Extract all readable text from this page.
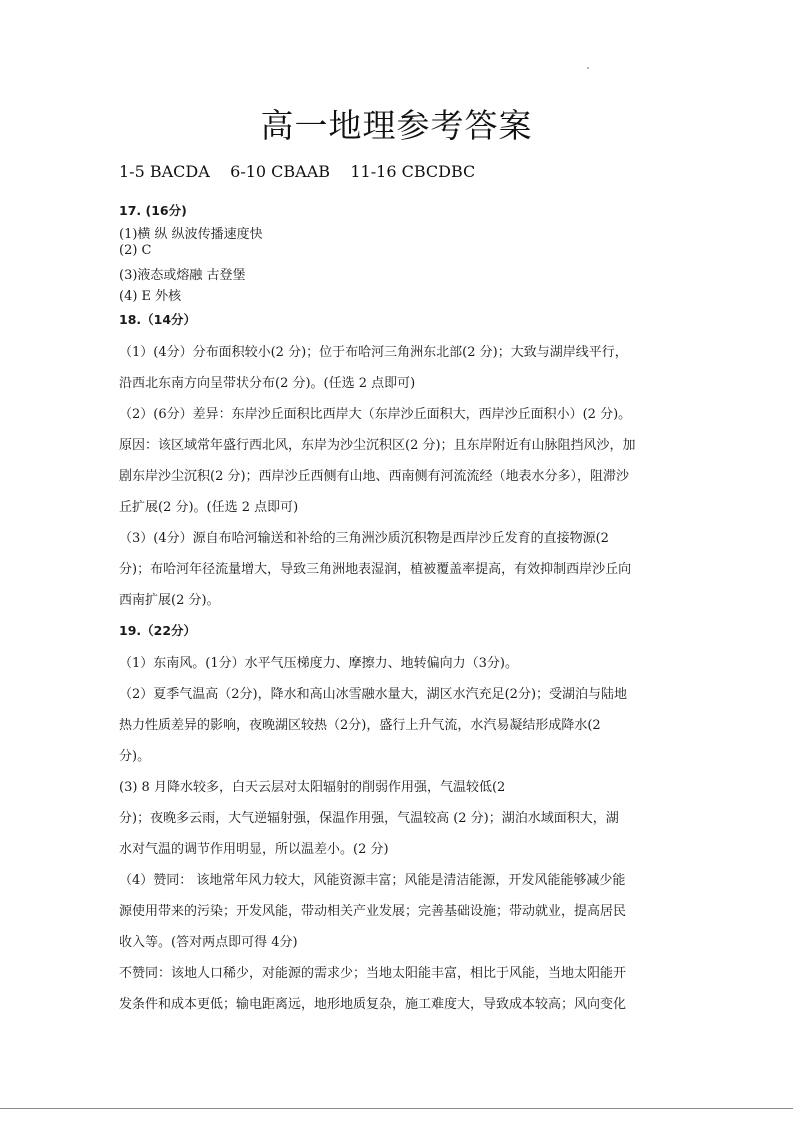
高一地理参考答案
1-5 BACDA    6-10 CBAAB    11-16 CBCDBC
17. (16分)
(1)横 纵 纵波传播速度快
(2) C
(3)液态或熔融 古登堡
(4) E 外核
18.（14分）
（1）(4分）分布面积较小(2 分)；位于布哈河三角洲东北部(2 分)；大致与湖岸线平行，
沿西北东南方向呈带状分布(2 分)。(任选 2 点即可)
（2）(6分）差异：东岸沙丘面积比西岸大（东岸沙丘面积大，西岸沙丘面积小）(2 分)。
原因：该区域常年盛行西北风，东岸为沙尘沉积区(2 分)；且东岸附近有山脉阻挡风沙，加
剧东岸沙尘沉积(2 分)；西岸沙丘西侧有山地、西南侧有河流流经（地表水分多），阻滞沙
丘扩展(2 分)。(任选 2 点即可)
（3）(4分）源自布哈河输送和补给的三角洲沙质沉积物是西岸沙丘发育的直接物源(2
分)；布哈河年径流量增大，导致三角洲地表湿润，植被覆盖率提高，有效抑制西岸沙丘向
西南扩展(2 分)。
19.（22分）
（1）东南风。(1分）水平气压梯度力、摩擦力、地转偏向力（3分)。
（2）夏季气温高（2分)，降水和高山冰雪融水量大，湖区水汽充足(2分)；受湖泊与陆地
热力性质差异的影响，夜晚湖区较热（2分)，盛行上升气流，水汽易凝结形成降水(2
分)。
(3) 8 月降水较多，白天云层对太阳辐射的削弱作用强，气温较低(2
分)；夜晚多云雨，大气逆辐射强，保温作用强，气温较高 (2 分)；湖泊水域面积大，湖
水对气温的调节作用明显，所以温差小。(2 分)
（4）赞同： 该地常年风力较大，风能资源丰富；风能是清洁能源，开发风能能够减少能
源使用带来的污染；开发风能，带动相关产业发展；完善基础设施；带动就业，提高居民
收入等。(答对两点即可得 4分)
不赞同：该地人口稀少，对能源的需求少；当地太阳能丰富，相比于风能，当地太阳能开
发条件和成本更低；输电距离远，地形地质复杂，施工难度大，导致成本较高；风向变化
